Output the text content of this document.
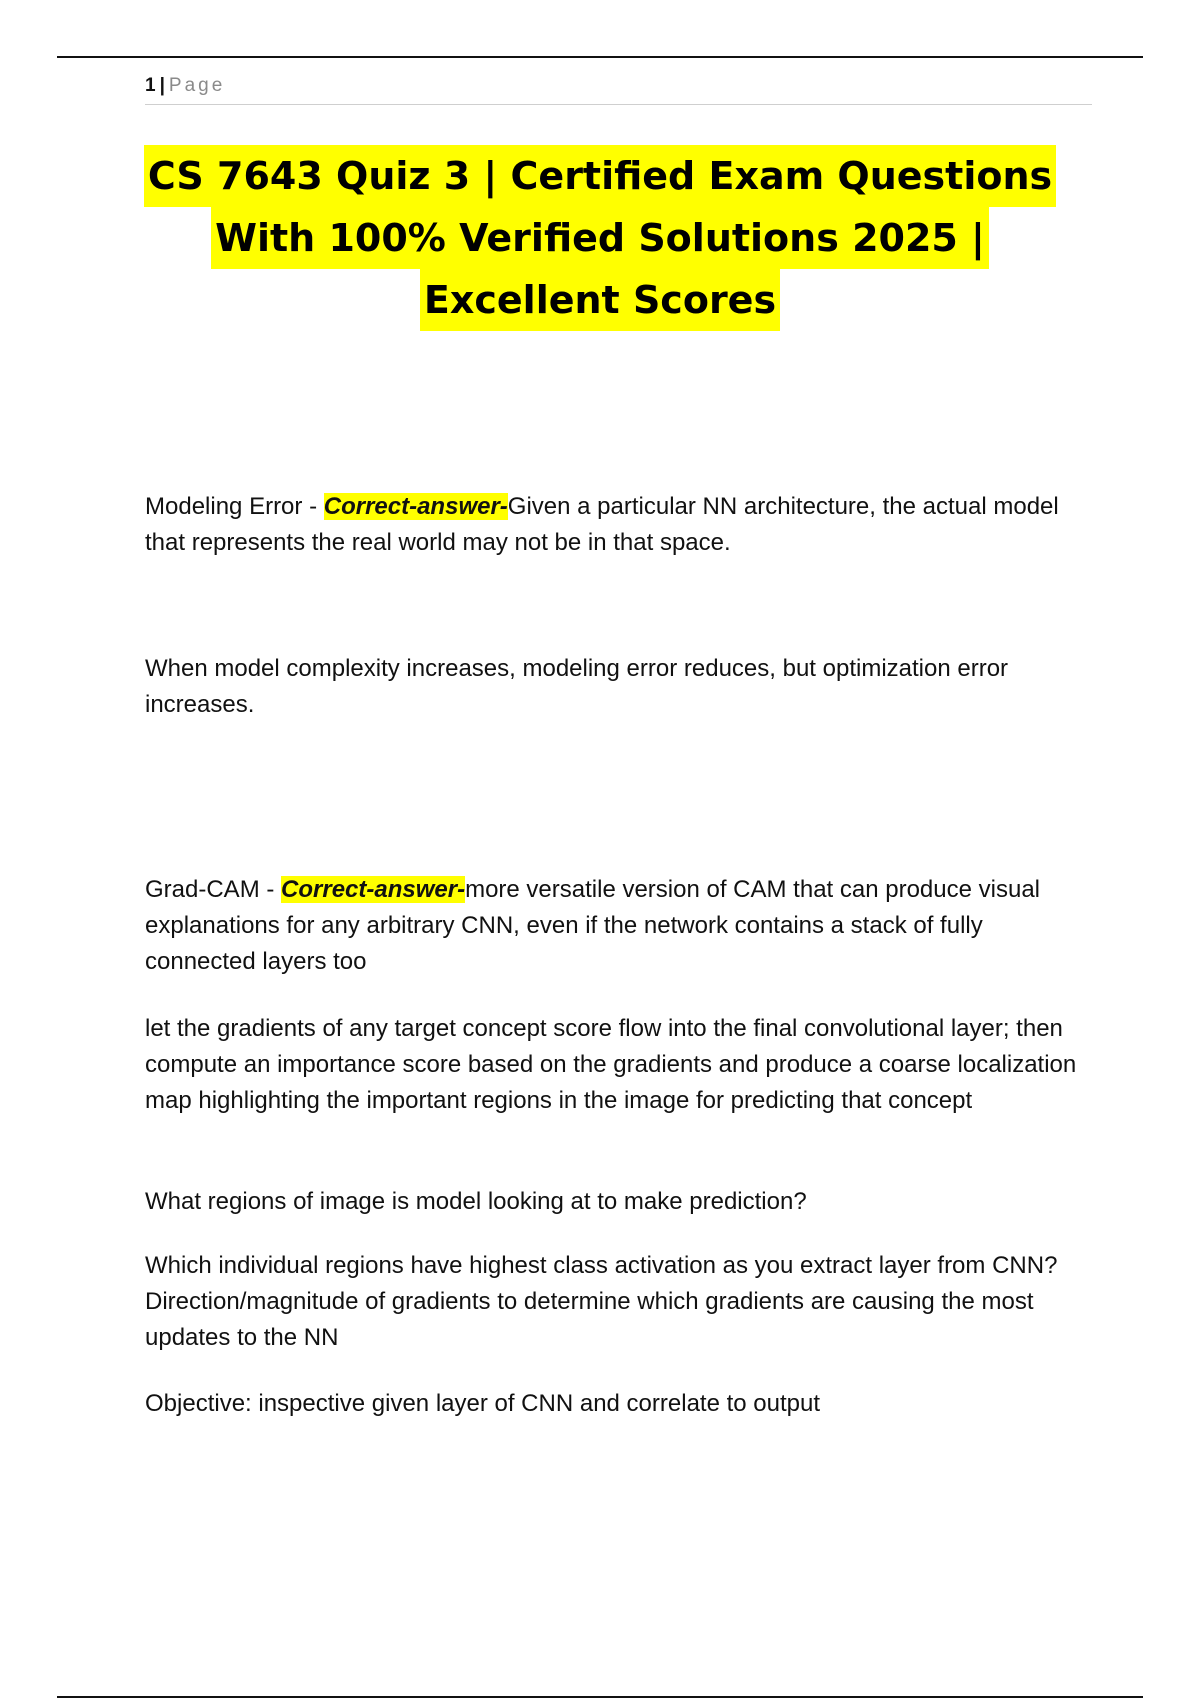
1 | Page
CS 7643 Quiz 3 | Certified Exam Questions
With 100% Verified Solutions 2025 |
Excellent Scores

Modeling Error - Correct-answer-Given a particular NN architecture, the actual model that represents the real world may not be in that space.

When model complexity increases, modeling error reduces, but optimization error increases.

Grad-CAM - Correct-answer-more versatile version of CAM that can produce visual explanations for any arbitrary CNN, even if the network contains a stack of fully connected layers too

let the gradients of any target concept score flow into the final convolutional layer; then compute an importance score based on the gradients and produce a coarse localization map highlighting the important regions in the image for predicting that concept

What regions of image is model looking at to make prediction?

Which individual regions have highest class activation as you extract layer from CNN? Direction/magnitude of gradients to determine which gradients are causing the most updates to the NN

Objective: inspective given layer of CNN and correlate to output
